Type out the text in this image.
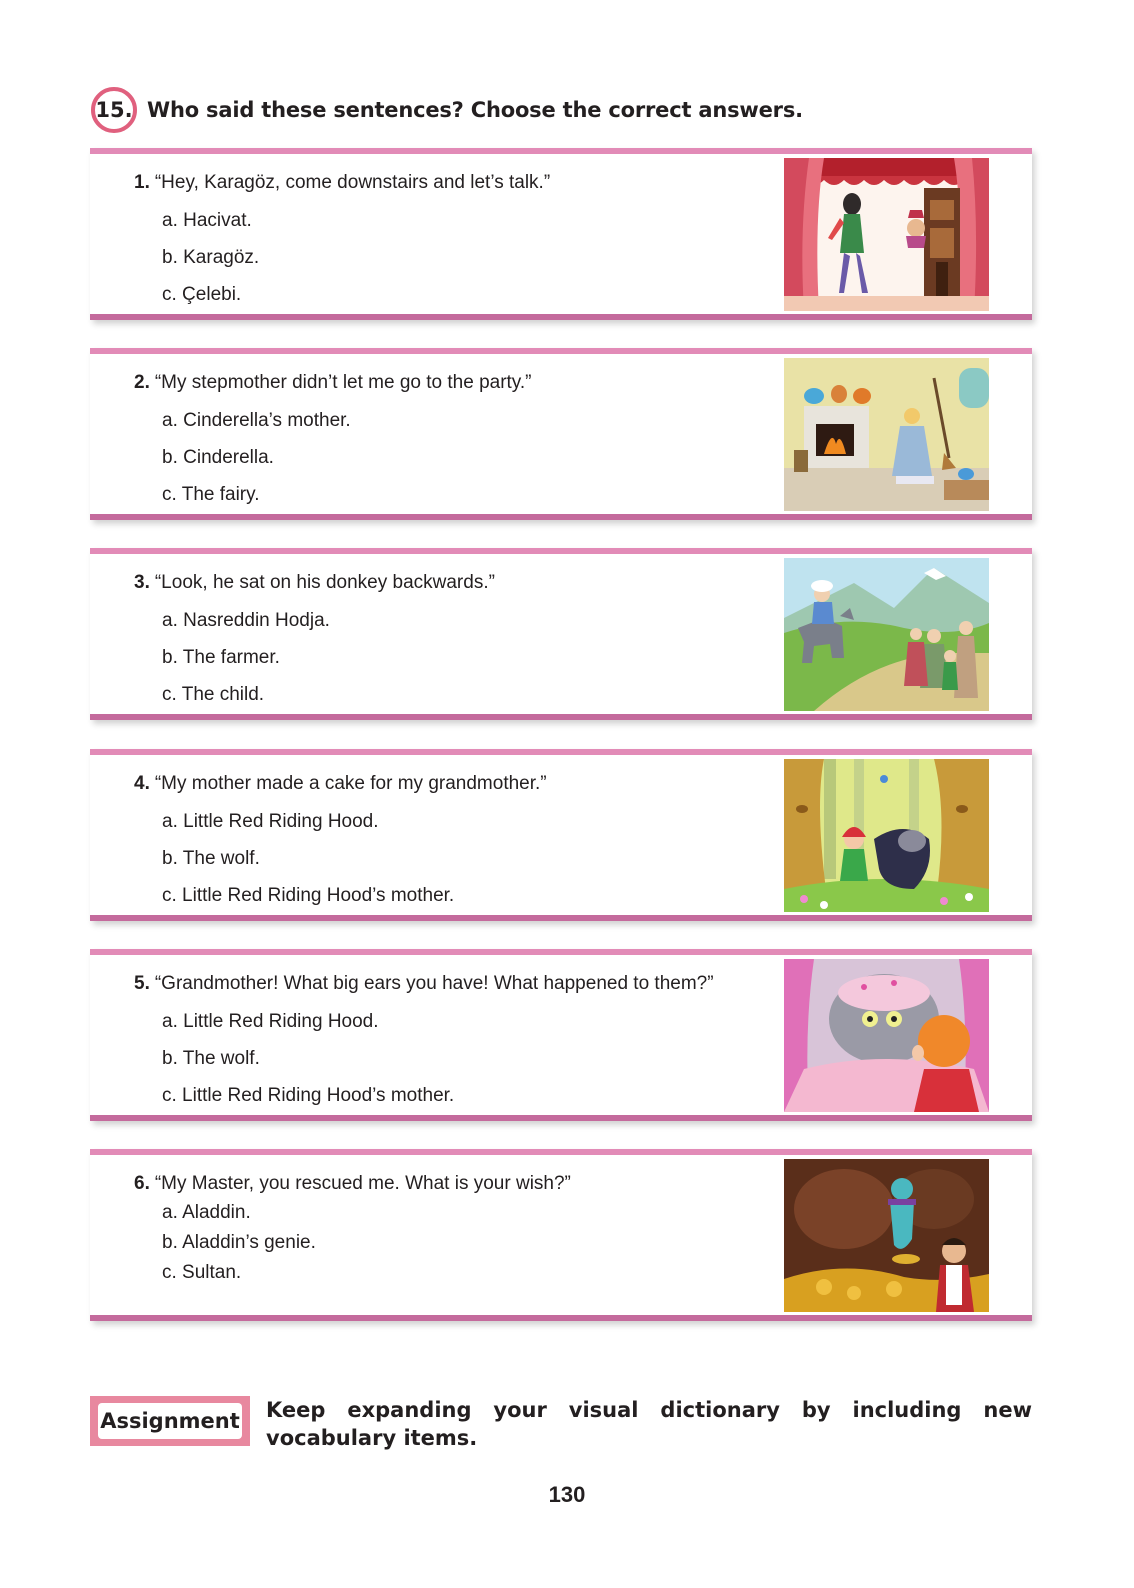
15. Who said these sentences? Choose the correct answers.
1. “Hey, Karagöz, come downstairs and let’s talk.”
a. Hacivat.
b. Karagöz.
c. Çelebi.
2. “My stepmother didn’t let me go to the party.”
a. Cinderella’s mother.
b. Cinderella.
c. The fairy.
3. “Look, he sat on his donkey backwards.”
a. Nasreddin Hodja.
b. The farmer.
c. The child.
4. “My mother made a cake for my grandmother.”
a. Little Red Riding Hood.
b. The wolf.
c. Little Red Riding Hood’s mother.
5. “Grandmother! What big ears you have! What happened to them?”
a. Little Red Riding Hood.
b. The wolf.
c. Little Red Riding Hood’s mother.
6. “My Master, you rescued me. What is your wish?”
a. Aladdin.
b. Aladdin’s genie.
c. Sultan.
Assignment Keep expanding your visual dictionary by including new vocabulary items.
130
